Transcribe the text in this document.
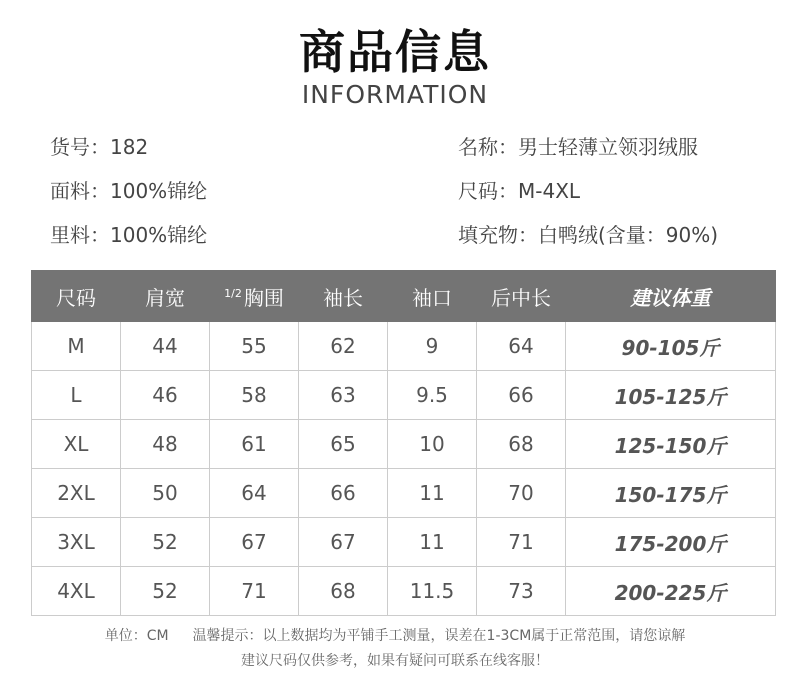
商品信息
INFORMATION
货号：182	名称：男士轻薄立领羽绒服
面料：100%锦纶	尺码：M-4XL
里料：100%锦纶	填充物：白鸭绒(含量：90%)
尺码	肩宽	$^{1/2}$ 胸围	袖长	袖口	后中长	建议体重
M	44	55	62	9	64	90-105斤
L	46	58	63	9.5	66	105-125斤
XL	48	61	65	10	68	125-150斤
2XL	50	64	66	11	70	150-175斤
3XL	52	67	67	11	71	175-200斤
4XL	52	71	68	11.5	73	200-225斤
单位：CM 温馨提示：以上数据均为平铺手工测量，误差在1-3CM属于正常范围，请您谅解
建议尺码仅供参考，如果有疑问可联系在线客服！
